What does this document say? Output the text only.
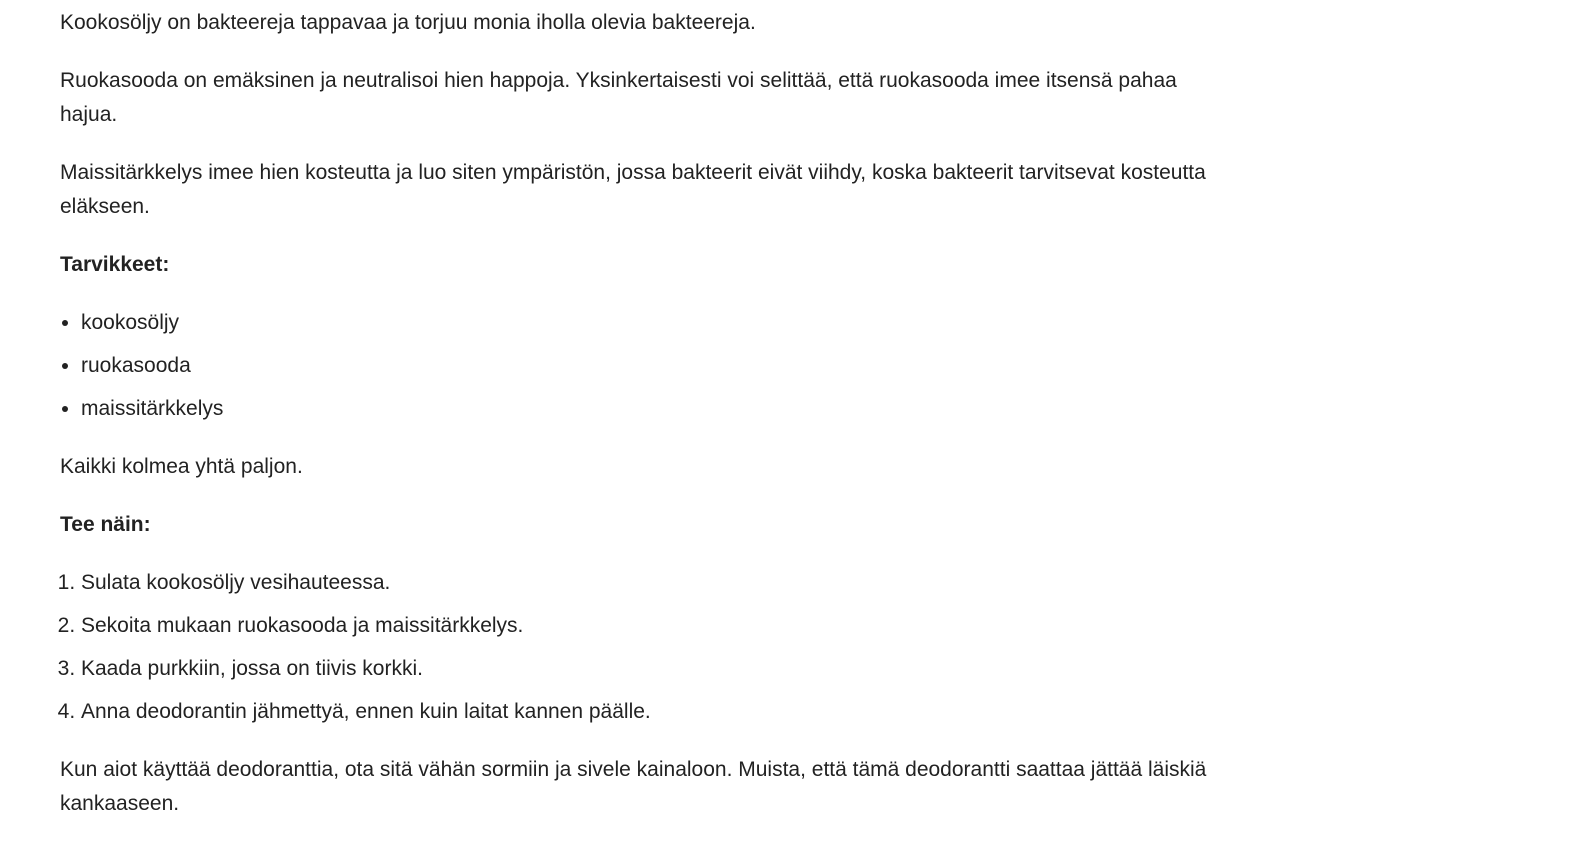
Kookosöljy on bakteereja tappavaa ja torjuu monia iholla olevia bakteereja.

Ruokasooda on emäksinen ja neutralisoi hien happoja. Yksinkertaisesti voi selittää, että ruokasooda imee itsensä pahaa hajua.

Maissitärkkelys imee hien kosteutta ja luo siten ympäristön, jossa bakteerit eivät viihdy, koska bakteerit tarvitsevat kosteutta eläkseen.

Tarvikkeet:
• kookosöljy
• ruokasooda
• maissitärkkelys

Kaikki kolmea yhtä paljon.

Tee näin:
1. Sulata kookosöljy vesihauteessa.
2. Sekoita mukaan ruokasooda ja maissitärkkelys.
3. Kaada purkkiin, jossa on tiivis korkki.
4. Anna deodorantin jähmettyä, ennen kuin laitat kannen päälle.

Kun aiot käyttää deodoranttia, ota sitä vähän sormiin ja sivele kainaloon. Muista, että tämä deodorantti saattaa jättää läiskiä kankaaseen.
